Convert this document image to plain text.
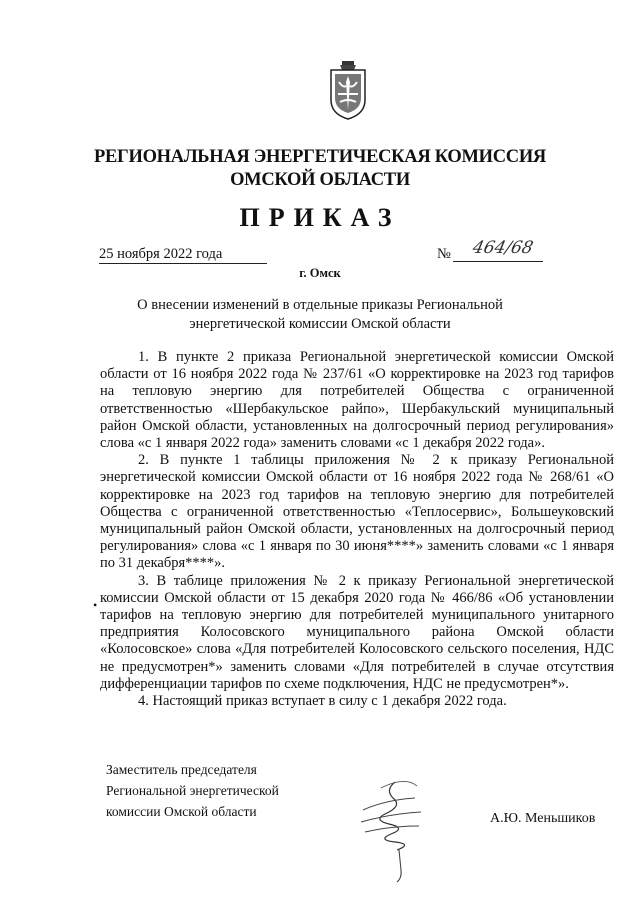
РЕГИОНАЛЬНАЯ ЭНЕРГЕТИЧЕСКАЯ КОМИССИЯ
ОМСКОЙ ОБЛАСТИ
ПРИКАЗ
25 ноября 2022 года	№ 464/68
г. Омск
О внесении изменений в отдельные приказы Региональной
энергетической комиссии Омской области

1. В пункте 2 приказа Региональной энергетической комиссии Омской области от 16 ноября 2022 года № 237/61 «О корректировке на 2023 год тарифов на тепловую энергию для потребителей Общества с ограниченной ответственностью «Шербакульское райпо», Шербакульский муниципальный район Омской области, установленных на долгосрочный период регулирования» слова «с 1 января 2022 года» заменить словами «с 1 декабря 2022 года».

2. В пункте 1 таблицы приложения № 2 к приказу Региональной энергетической комиссии Омской области от 16 ноября 2022 года № 268/61 «О корректировке на 2023 год тарифов на тепловую энергию для потребителей Общества с ограниченной ответственностью «Теплосервис», Большеуковский муниципальный район Омской области, установленных на долгосрочный период регулирования» слова «с 1 января по 30 июня****» заменить словами «с 1 января по 31 декабря****».

3. В таблице приложения № 2 к приказу Региональной энергетической комиссии Омской области от 15 декабря 2020 года № 466/86 «Об установлении тарифов на тепловую энергию для потребителей муниципального унитарного предприятия Колосовского муниципального района Омской области «Колосовское» слова «Для потребителей Колосовского сельского поселения, НДС не предусмотрен*» заменить словами «Для потребителей в случае отсутствия дифференциации тарифов по схеме подключения, НДС не предусмотрен*».

4. Настоящий приказ вступает в силу с 1 декабря 2022 года.

•
Заместитель председателя
Региональной энергетической
комиссии Омской области	А.Ю. Меньшиков
